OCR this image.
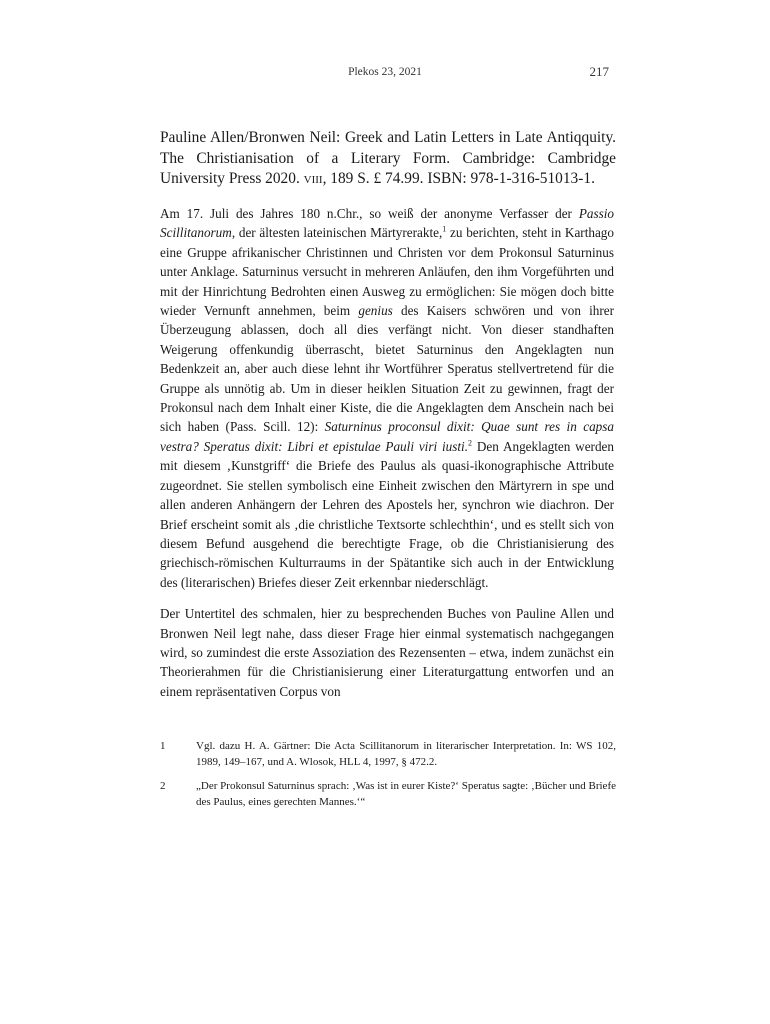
Plekos 23, 2021	217
Pauline Allen/Bronwen Neil: Greek and Latin Letters in Late Antiqquity. The Christianisation of a Literary Form. Cambridge: Cambridge University Press 2020. viii, 189 S. £ 74.99. ISBN: 978-1-316-51013-1.

Am 17. Juli des Jahres 180 n.Chr., so weiß der anonyme Verfasser der Passio Scillitanorum, der ältesten lateinischen Märtyrerakte,$^1$ zu berichten, steht in Karthago eine Gruppe afrikanischer Christinnen und Christen vor dem Prokonsul Saturninus unter Anklage. Saturninus versucht in mehreren Anläufen, den ihm Vorgeführten und mit der Hinrichtung Bedrohten einen Ausweg zu ermöglichen: Sie mögen doch bitte wieder Vernunft annehmen, beim genius des Kaisers schwören und von ihrer Überzeugung ablassen, doch all dies verfängt nicht. Von dieser standhaften Weigerung offenkundig überrascht, bietet Saturninus den Angeklagten nun Bedenkzeit an, aber auch diese lehnt ihr Wortführer Speratus stellvertretend für die Gruppe als unnötig ab. Um in dieser heiklen Situation Zeit zu gewinnen, fragt der Prokonsul nach dem Inhalt einer Kiste, die die Angeklagten dem Anschein nach bei sich haben (Pass. Scill. 12): Saturninus proconsul dixit: Quae sunt res in capsa vestra? Speratus dixit: Libri et epistulae Pauli viri iusti.$^2$ Den Angeklagten werden mit diesem ‚Kunstgriff‘ die Briefe des Paulus als quasi-ikonographische Attribute zugeordnet. Sie stellen symbolisch eine Einheit zwischen den Märtyrern in spe und allen anderen Anhängern der Lehren des Apostels her, synchron wie diachron. Der Brief erscheint somit als ‚die christliche Textsorte schlechthin‘, und es stellt sich von diesem Befund ausgehend die berechtigte Frage, ob die Christianisierung des griechisch-römischen Kulturraums in der Spätantike sich auch in der Entwicklung des (literarischen) Briefes dieser Zeit erkennbar niederschlägt.

Der Untertitel des schmalen, hier zu besprechenden Buches von Pauline Allen und Bronwen Neil legt nahe, dass dieser Frage hier einmal systematisch nachgegangen wird, so zumindest die erste Assoziation des Rezensenten – etwa, indem zunächst ein Theorierahmen für die Christianisierung einer Literaturgattung entworfen und an einem repräsentativen Corpus von

1	Vgl. dazu H. A. Gärtner: Die Acta Scillitanorum in literarischer Interpretation. In: WS 102, 1989, 149–167, und A. Wlosok, HLL 4, 1997, § 472.2.
2	„Der Prokonsul Saturninus sprach: ‚Was ist in eurer Kiste?‘ Speratus sagte: ‚Bücher und Briefe des Paulus, eines gerechten Mannes.‘“
